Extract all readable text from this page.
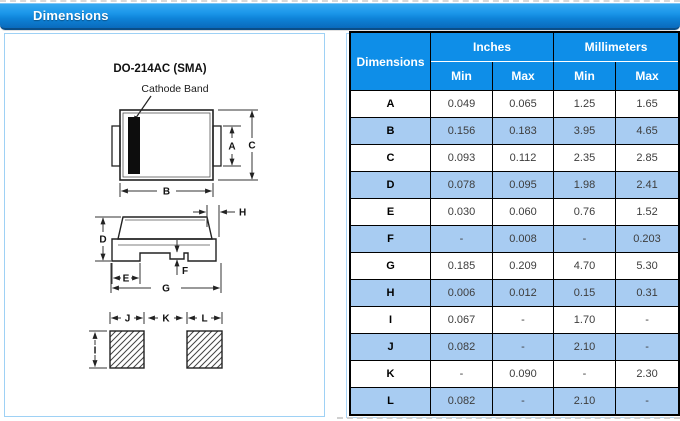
Dimensions
DO-214AC (SMA)
Cathode Band
A C
B
D
E
F
G
H
J	K	L
I
Dimensions	Inches		Millimeters	
	Min	Max	Min	Max
A	0.049	0.065	1.25	1.65
B	0.156	0.183	3.95	4.65
C	0.093	0.112	2.35	2.85
D	0.078	0.095	1.98	2.41
E	0.030	0.060	0.76	1.52
F	-	0.008	-	0.203
G	0.185	0.209	4.70	5.30
H	0.006	0.012	0.15	0.31
I	0.067	-	1.70	-
J	0.082	-	2.10	-
K	-	0.090	-	2.30
L	0.082	-	2.10	-
